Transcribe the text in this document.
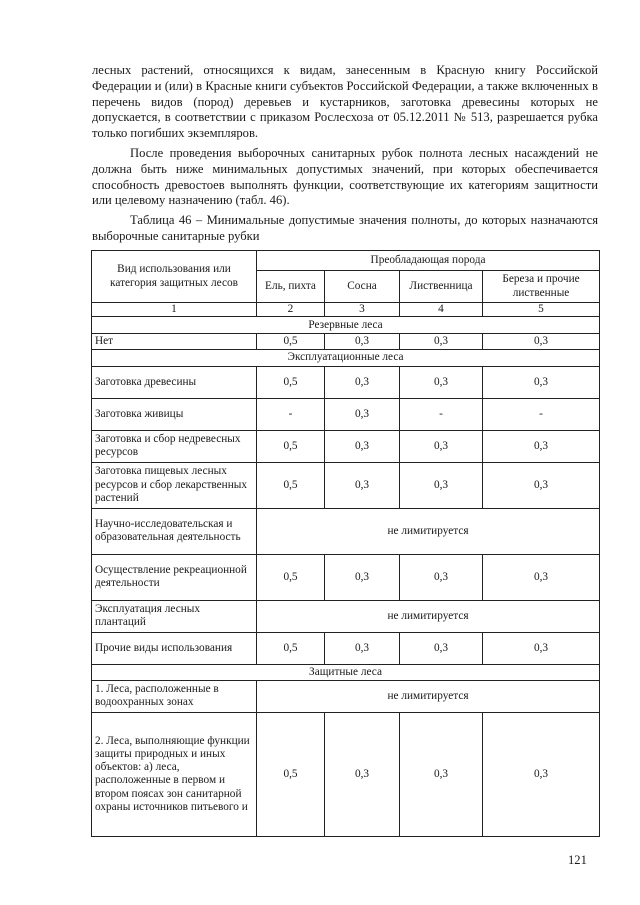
лесных растений, относящихся к видам, занесенным в Красную книгу Российской Федерации и (или) в Красные книги субъектов Российской Федерации, а также включенных в перечень видов (пород) деревьев и кустарников, заготовка древесины которых не допускается, в соответствии с приказом Рослесхоза от 05.12.2011 № 513, разрешается рубка только погибших экземпляров.

После проведения выборочных санитарных рубок полнота лесных насаждений не должна быть ниже минимальных допустимых значений, при которых обеспечивается способность древостоев выполнять функции, соответствующие их категориям защитности или целевому назначению (табл. 46).

Таблица 46 – Минимальные допустимые значения полноты, до которых назначаются выборочные санитарные рубки

Вид использования или категория защитных лесов	Преобладающая порода			
	Ель, пихта	Сосна	Лиственница	Береза и прочие лиственные
1	2	3	4	5
Резервные леса				
Нет	0,5	0,3	0,3	0,3
Эксплуатационные леса				
Заготовка древесины	0,5	0,3	0,3	0,3
Заготовка живицы	-	0,3	-	-
Заготовка и сбор недревесных ресурсов	0,5	0,3	0,3	0,3
Заготовка пищевых лесных ресурсов и сбор лекарственных растений	0,5	0,3	0,3	0,3
Научно-исследовательская и образовательная деятельность	не лимитируется			
Осуществление рекреационной деятельности	0,5	0,3	0,3	0,3
Эксплуатация лесных плантаций	не лимитируется			
Прочие виды использования	0,5	0,3	0,3	0,3
Защитные леса				
1. Леса, расположенные в водоохранных зонах	не лимитируется			
2. Леса, выполняющие функции защиты природных и иных объектов: а) леса, расположенные в первом и втором поясах зон санитарной охраны источников питьевого и	0,5	0,3	0,3	0,3
121
